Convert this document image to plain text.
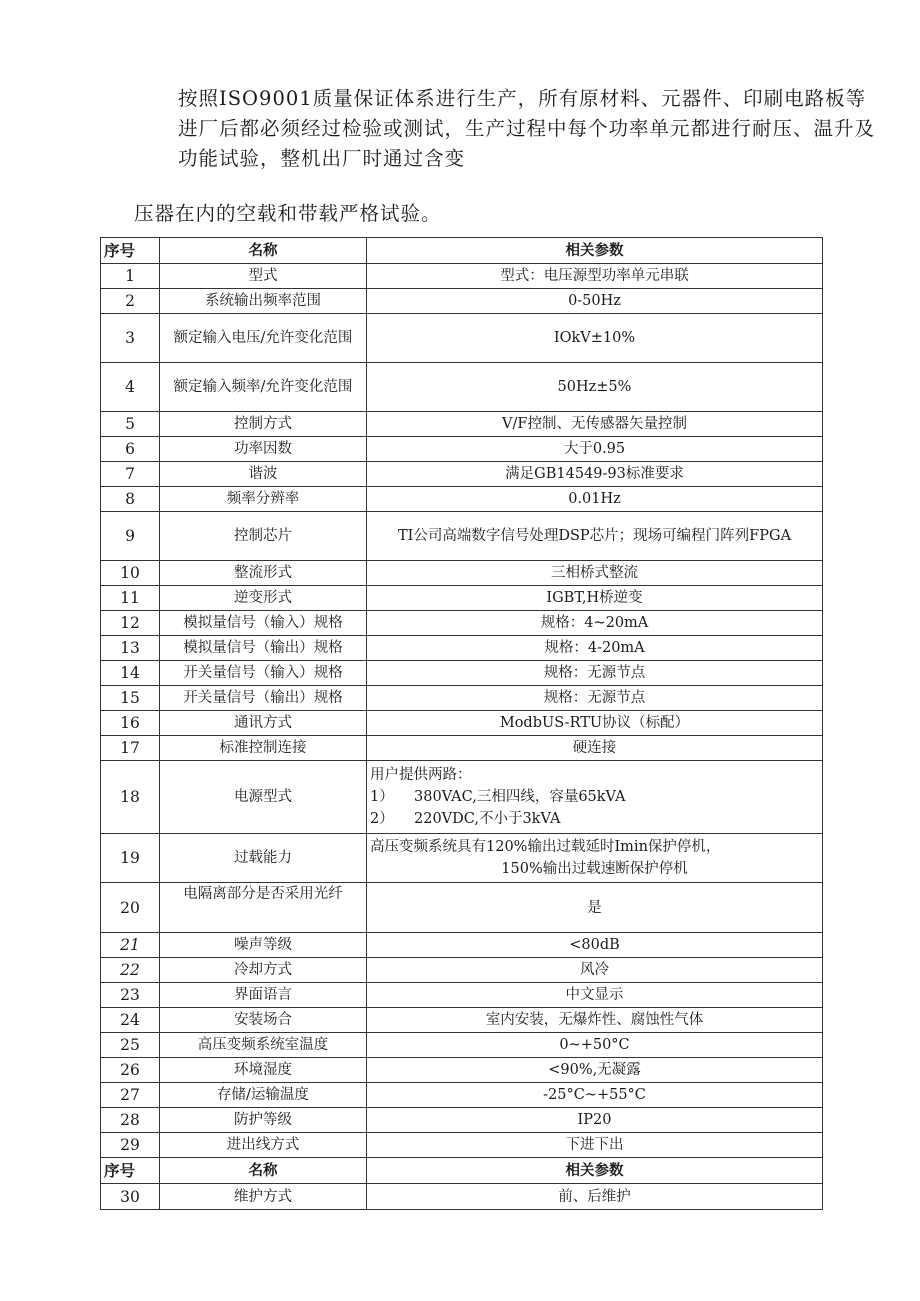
按照ISO9001质量保证体系进行生产，所有原材料、元器件、印刷电路板等进厂后都必须经过检验或测试，生产过程中每个功率单元都进行耐压、温升及功能试验，整机出厂时通过含变

压器在内的空载和带载严格试验。

序号	名称	相关参数
1	型式	型式：电压源型功率单元串联
2	系统输出频率范围	0-50Hz
3	额定输入电压/允许变化范围	IOkV±10%
4	额定输入频率/允许变化范围	50Hz±5%
5	控制方式	V/F控制、无传感器矢量控制
6	功率因数	大于0.95
7	谐波	满足GB14549-93标准要求
8	频率分辨率	0.01Hz
9	控制芯片	TI公司高端数字信号处理DSP芯片；现场可编程门阵列FPGA
10	整流形式	三相桥式整流
11	逆变形式	IGBT,H桥逆变
12	模拟量信号（输入）规格	规格：4~20mA
13	模拟量信号（输出）规格	规格：4-20mA
14	开关量信号（输入）规格	规格：无源节点
15	开关量信号（输出）规格	规格：无源节点
16	通讯方式	ModbUS-RTU协议（标配）
17	标准控制连接	硬连接
18	电源型式	用户提供两路：
1） 380VAC,三相四线，容量65kVA
2） 220VDC,不小于3kVA

19	过载能力	高压变频系统具有120%输出过载延时Imin保护停机，
150%输出过载速断保护停机

20	电隔离部分是否采用光纤	是
21	噪声等级	<80dB
22	冷却方式	风冷
23	界面语言	中文显示
24	安装场合	室内安装，无爆炸性、腐蚀性气体
25	高压变频系统室温度	0~+50°C
26	环境湿度	<90%,无凝露
27	存储/运输温度	-25°C~+55°C
28	防护等级	IP20
29	进出线方式	下进下出
序号	名称	相关参数
30	维护方式	前、后维护
